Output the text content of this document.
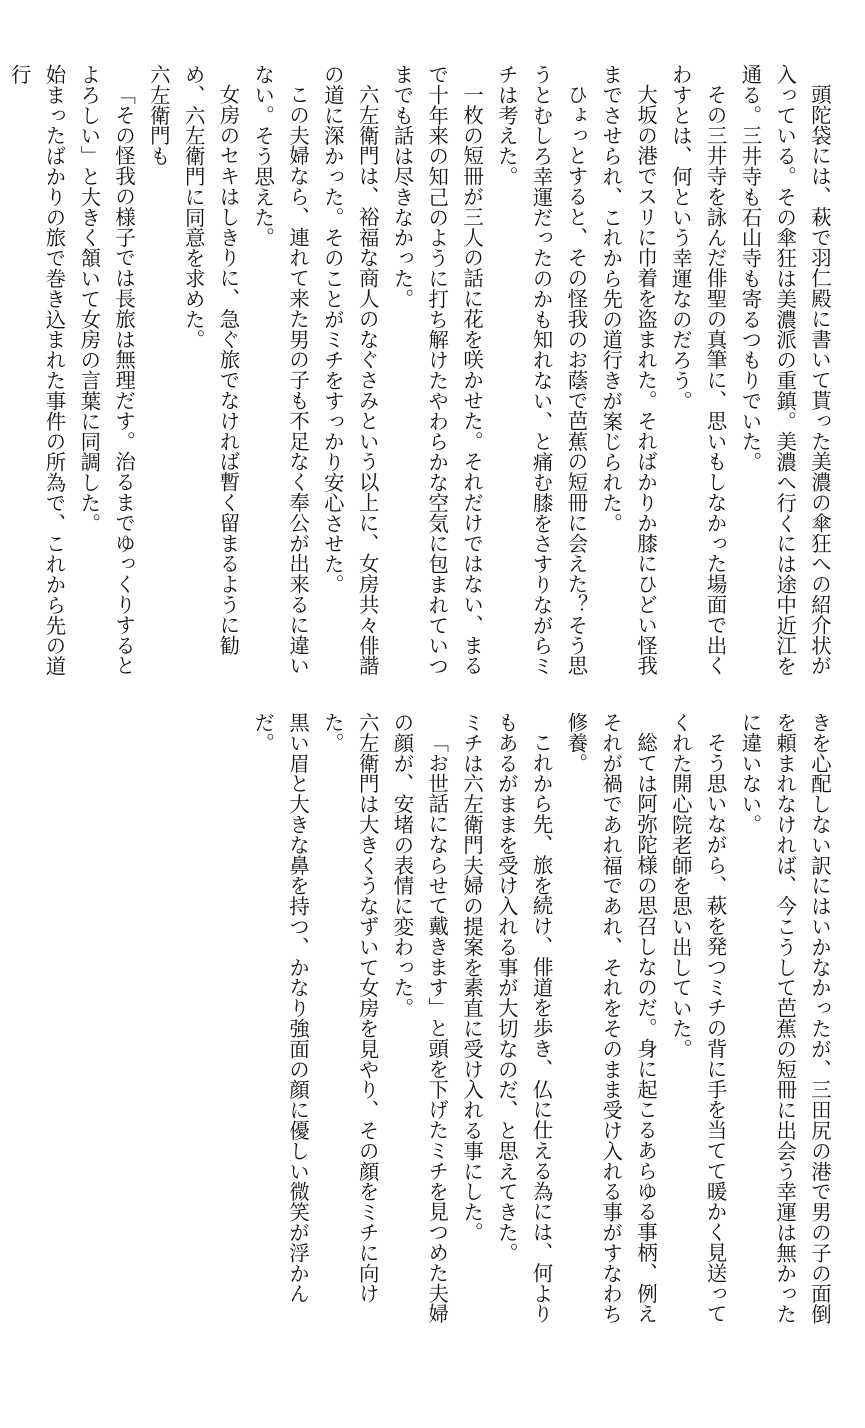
頭陀袋には、萩で羽仁殿に書いて貰った美濃の傘狂への紹介状が入っている。その傘狂は美濃派の重鎮。美濃へ行くには途中近江を通る。三井寺も石山寺も寄るつもりでいた。

その三井寺を詠んだ俳聖の真筆に、思いもしなかった場面で出くわすとは、何という幸運なのだろう。

大坂の港でスリに巾着を盗まれた。そればかりか膝にひどい怪我までさせられ、これから先の道行きが案じられた。

ひょっとすると、その怪我のお蔭で芭蕉の短冊に会えた？そう思うとむしろ幸運だったのかも知れない、と痛む膝をさすりながらミチは考えた。

一枚の短冊が三人の話に花を咲かせた。それだけではない、まるで十年来の知己のように打ち解けたやわらかな空気に包まれていつまでも話は尽きなかった。

六左衛門は、裕福な商人のなぐさみという以上に、女房共々俳諧の道に深かった。そのことがミチをすっかり安心させた。

この夫婦なら、連れて来た男の子も不足なく奉公が出来るに違いない。そう思えた。

女房のセキはしきりに、急ぐ旅でなければ暫く留まるように勧め、六左衛門に同意を求めた。

六左衛門も

「その怪我の様子では長旅は無理だす。治るまでゆっくりするとよろしい」と大きく頷いて女房の言葉に同調した。

始まったばかりの旅で巻き込まれた事件の所為で、これから先の道行

きを心配しない訳にはいかなかったが、三田尻の港で男の子の面倒を頼まれなければ、今こうして芭蕉の短冊に出会う幸運は無かったに違いない。

そう思いながら、萩を発つミチの背に手を当てて暖かく見送ってくれた開心院老師を思い出していた。

総ては阿弥陀様の思召しなのだ。身に起こるあらゆる事柄、例えそれが禍であれ福であれ、それをそのまま受け入れる事がすなわち修養。

これから先、旅を続け、俳道を歩き、仏に仕える為には、何よりもあるがままを受け入れる事が大切なのだ、と思えてきた。

ミチは六左衛門夫婦の提案を素直に受け入れる事にした。

「お世話にならせて戴きます」と頭を下げたミチを見つめた夫婦の顔が、安堵の表情に変わった。

六左衛門は大きくうなずいて女房を見やり、その顔をミチに向けた。

黒い眉と大きな鼻を持つ、かなり強面の顔に優しい微笑が浮かんだ。
